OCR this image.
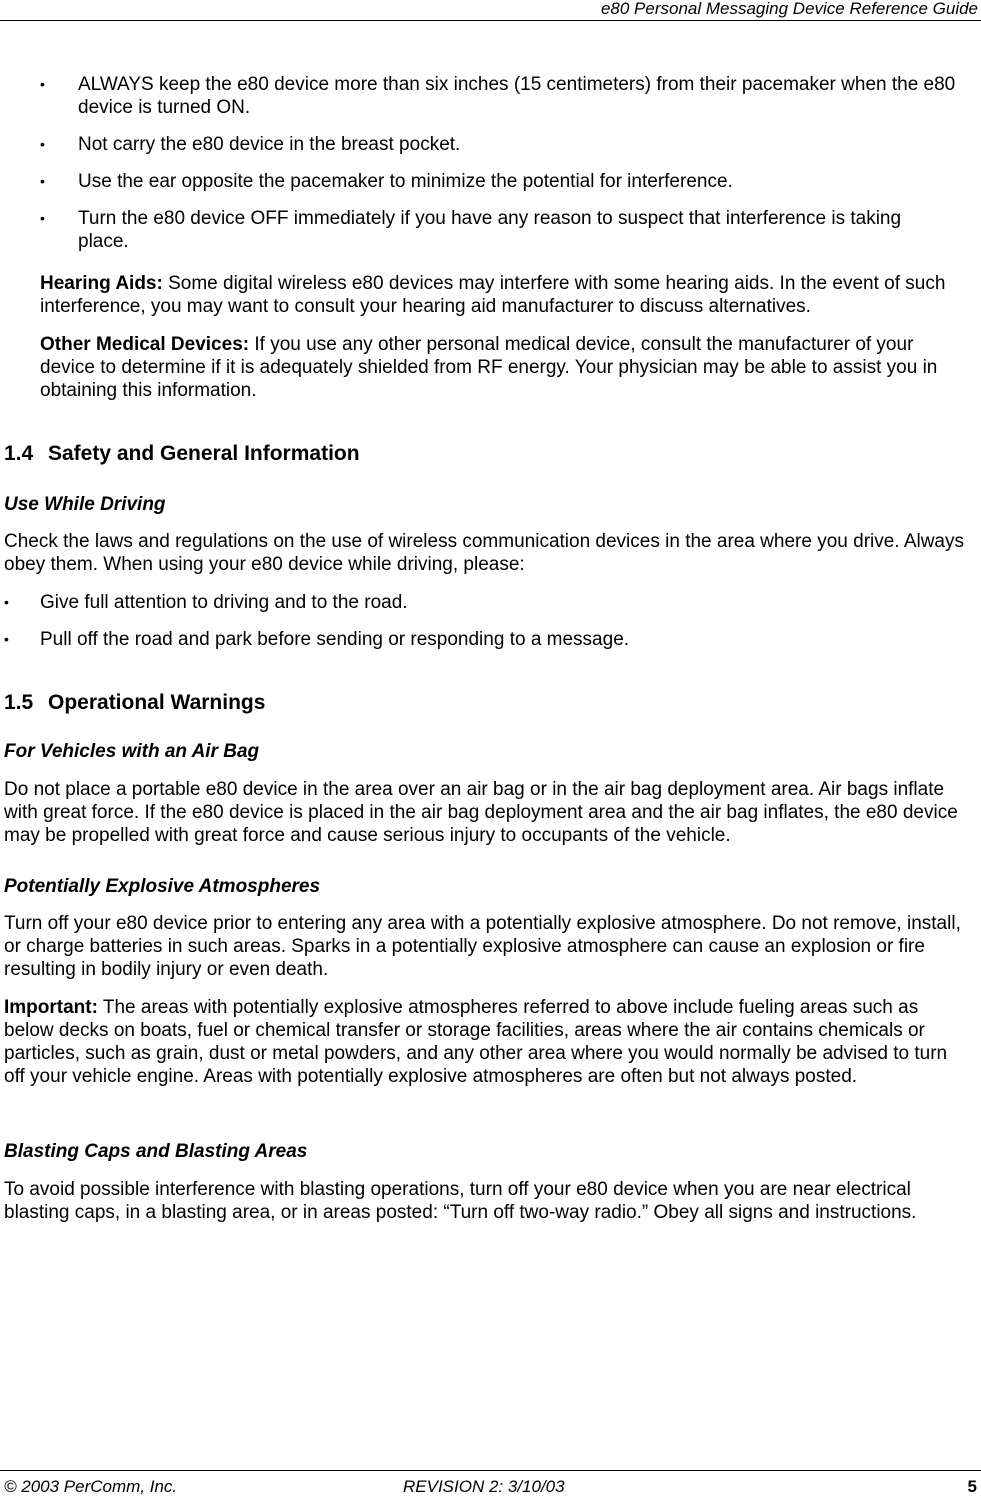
e80 Personal Messaging Device Reference Guide
• ALWAYS keep the e80 device more than six inches (15 centimeters) from their pacemaker when the e80 device is turned ON.
• Not carry the e80 device in the breast pocket.
• Use the ear opposite the pacemaker to minimize the potential for interference.
• Turn the e80 device OFF immediately if you have any reason to suspect that interference is taking place.

Hearing Aids: Some digital wireless e80 devices may interfere with some hearing aids. In the event of such interference, you may want to consult your hearing aid manufacturer to discuss alternatives.

Other Medical Devices: If you use any other personal medical device, consult the manufacturer of your device to determine if it is adequately shielded from RF energy. Your physician may be able to assist you in obtaining this information.

1.4 Safety and General Information
Use While Driving

Check the laws and regulations on the use of wireless communication devices in the area where you drive. Always obey them. When using your e80 device while driving, please:

• Give full attention to driving and to the road.
• Pull off the road and park before sending or responding to a message.
1.5 Operational Warnings
For Vehicles with an Air Bag

Do not place a portable e80 device in the area over an air bag or in the air bag deployment area. Air bags inflate with great force. If the e80 device is placed in the air bag deployment area and the air bag inflates, the e80 device may be propelled with great force and cause serious injury to occupants of the vehicle.

Potentially Explosive Atmospheres

Turn off your e80 device prior to entering any area with a potentially explosive atmosphere. Do not remove, install, or charge batteries in such areas. Sparks in a potentially explosive atmosphere can cause an explosion or fire resulting in bodily injury or even death.

Important: The areas with potentially explosive atmospheres referred to above include fueling areas such as below decks on boats, fuel or chemical transfer or storage facilities, areas where the air contains chemicals or particles, such as grain, dust or metal powders, and any other area where you would normally be advised to turn off your vehicle engine. Areas with potentially explosive atmospheres are often but not always posted.

Blasting Caps and Blasting Areas

To avoid possible interference with blasting operations, turn off your e80 device when you are near electrical blasting caps, in a blasting area, or in areas posted: “Turn off two-way radio.” Obey all signs and instructions.

© 2003 PerComm, Inc.	REVISION 2: 3/10/03	5
